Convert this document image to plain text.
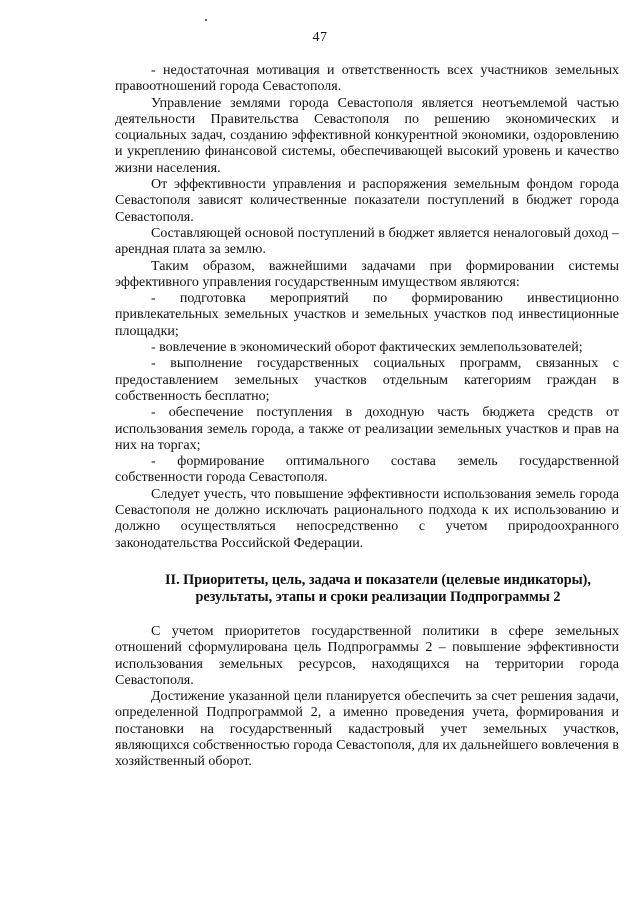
47

- недостаточная мотивация и ответственность всех участников земельных правоотношений города Севастополя.

Управление землями города Севастополя является неотъемлемой частью деятельности Правительства Севастополя по решению экономических и социальных задач, созданию эффективной конкурентной экономики, оздоровлению и укреплению финансовой системы, обеспечивающей высокий уровень и качество жизни населения.

От эффективности управления и распоряжения земельным фондом города Севастополя зависят количественные показатели поступлений в бюджет города Севастополя.

Составляющей основой поступлений в бюджет является неналоговый доход – арендная плата за землю.

Таким образом, важнейшими задачами при формировании системы эффективного управления государственным имуществом являются:

- подготовка мероприятий по формированию инвестиционно привлекательных земельных участков и земельных участков под инвестиционные площадки;

- вовлечение в экономический оборот фактических землепользователей;

- выполнение государственных социальных программ, связанных с предоставлением земельных участков отдельным категориям граждан в собственность бесплатно;

- обеспечение поступления в доходную часть бюджета средств от использования земель города, а также от реализации земельных участков и прав на них на торгах;

- формирование оптимального состава земель государственной собственности города Севастополя.

Следует учесть, что повышение эффективности использования земель города Севастополя не должно исключать рационального подхода к их использованию и должно осуществляться непосредственно с учетом природоохранного законодательства Российской Федерации.

II. Приоритеты, цель, задача и показатели (целевые индикаторы),
результаты, этапы и сроки реализации Подпрограммы 2

С учетом приоритетов государственной политики в сфере земельных отношений сформулирована цель Подпрограммы 2 – повышение эффективности использования земельных ресурсов, находящихся на территории города Севастополя.

Достижение указанной цели планируется обеспечить за счет решения задачи, определенной Подпрограммой 2, а именно проведения учета, формирования и постановки на государственный кадастровый учет земельных участков, являющихся собственностью города Севастополя, для их дальнейшего вовлечения в хозяйственный оборот.
